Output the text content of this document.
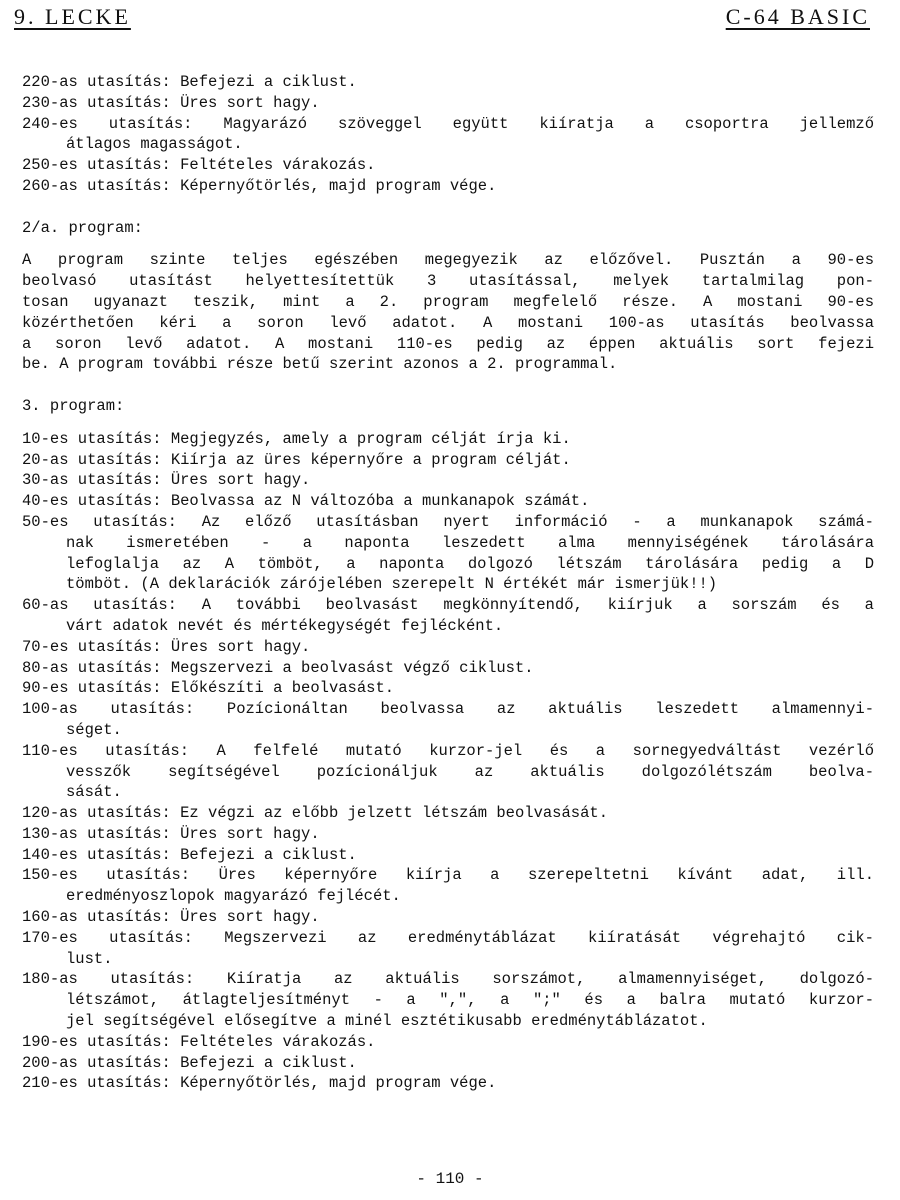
9. LECKE	C-64 BASIC
220-as utasítás: Befejezi a ciklust.
230-as utasítás: Üres sort hagy.
240-es utasítás: Magyarázó szöveggel együtt kiíratja a csoportra jellemző
átlagos magasságot.
250-es utasítás: Feltételes várakozás.
260-as utasítás: Képernyőtörlés, majd program vége.
2/a. program:
A program szinte teljes egészében megegyezik az előzővel. Pusztán a 90-es
beolvasó utasítást helyettesítettük 3 utasítással, melyek tartalmilag pon-
tosan ugyanazt teszik, mint a 2. program megfelelő része. A mostani 90-es
közérthetően kéri a soron levő adatot. A mostani 100-as utasítás beolvassa
a soron levő adatot. A mostani 110-es pedig az éppen aktuális sort fejezi
be. A program további része betű szerint azonos a 2. programmal.
3. program:
10-es utasítás: Megjegyzés, amely a program célját írja ki.
20-as utasítás: Kiírja az üres képernyőre a program célját.
30-as utasítás: Üres sort hagy.
40-es utasítás: Beolvassa az N változóba a munkanapok számát.
50-es utasítás: Az előző utasításban nyert információ - a munkanapok számá-
nak ismeretében - a naponta leszedett alma mennyiségének tárolására
lefoglalja az A tömböt, a naponta dolgozó létszám tárolására pedig a D
tömböt. (A deklarációk zárójelében szerepelt N értékét már ismerjük!!)
60-as utasítás: A további beolvasást megkönnyítendő, kiírjuk a sorszám és a
várt adatok nevét és mértékegységét fejlécként.
70-es utasítás: Üres sort hagy.
80-as utasítás: Megszervezi a beolvasást végző ciklust.
90-es utasítás: Előkészíti a beolvasást.
100-as utasítás: Pozícionáltan beolvassa az aktuális leszedett almamennyi-
séget.
110-es utasítás: A felfelé mutató kurzor-jel és a sornegyedváltást vezérlő
vesszők segítségével pozícionáljuk az aktuális dolgozólétszám beolva-
sását.
120-as utasítás: Ez végzi az előbb jelzett létszám beolvasását.
130-as utasítás: Üres sort hagy.
140-es utasítás: Befejezi a ciklust.
150-es utasítás: Üres képernyőre kiírja a szerepeltetni kívánt adat, ill.
eredményoszlopok magyarázó fejlécét.
160-as utasítás: Üres sort hagy.
170-es utasítás: Megszervezi az eredménytáblázat kiíratását végrehajtó cik-
lust.
180-as utasítás: Kiíratja az aktuális sorszámot, almamennyiséget, dolgozó-
létszámot, átlagteljesítményt - a ",", a ";" és a balra mutató kurzor-
jel segítségével elősegítve a minél esztétikusabb eredménytáblázatot.
190-es utasítás: Feltételes várakozás.
200-as utasítás: Befejezi a ciklust.
210-es utasítás: Képernyőtörlés, majd program vége.
- 110 -
